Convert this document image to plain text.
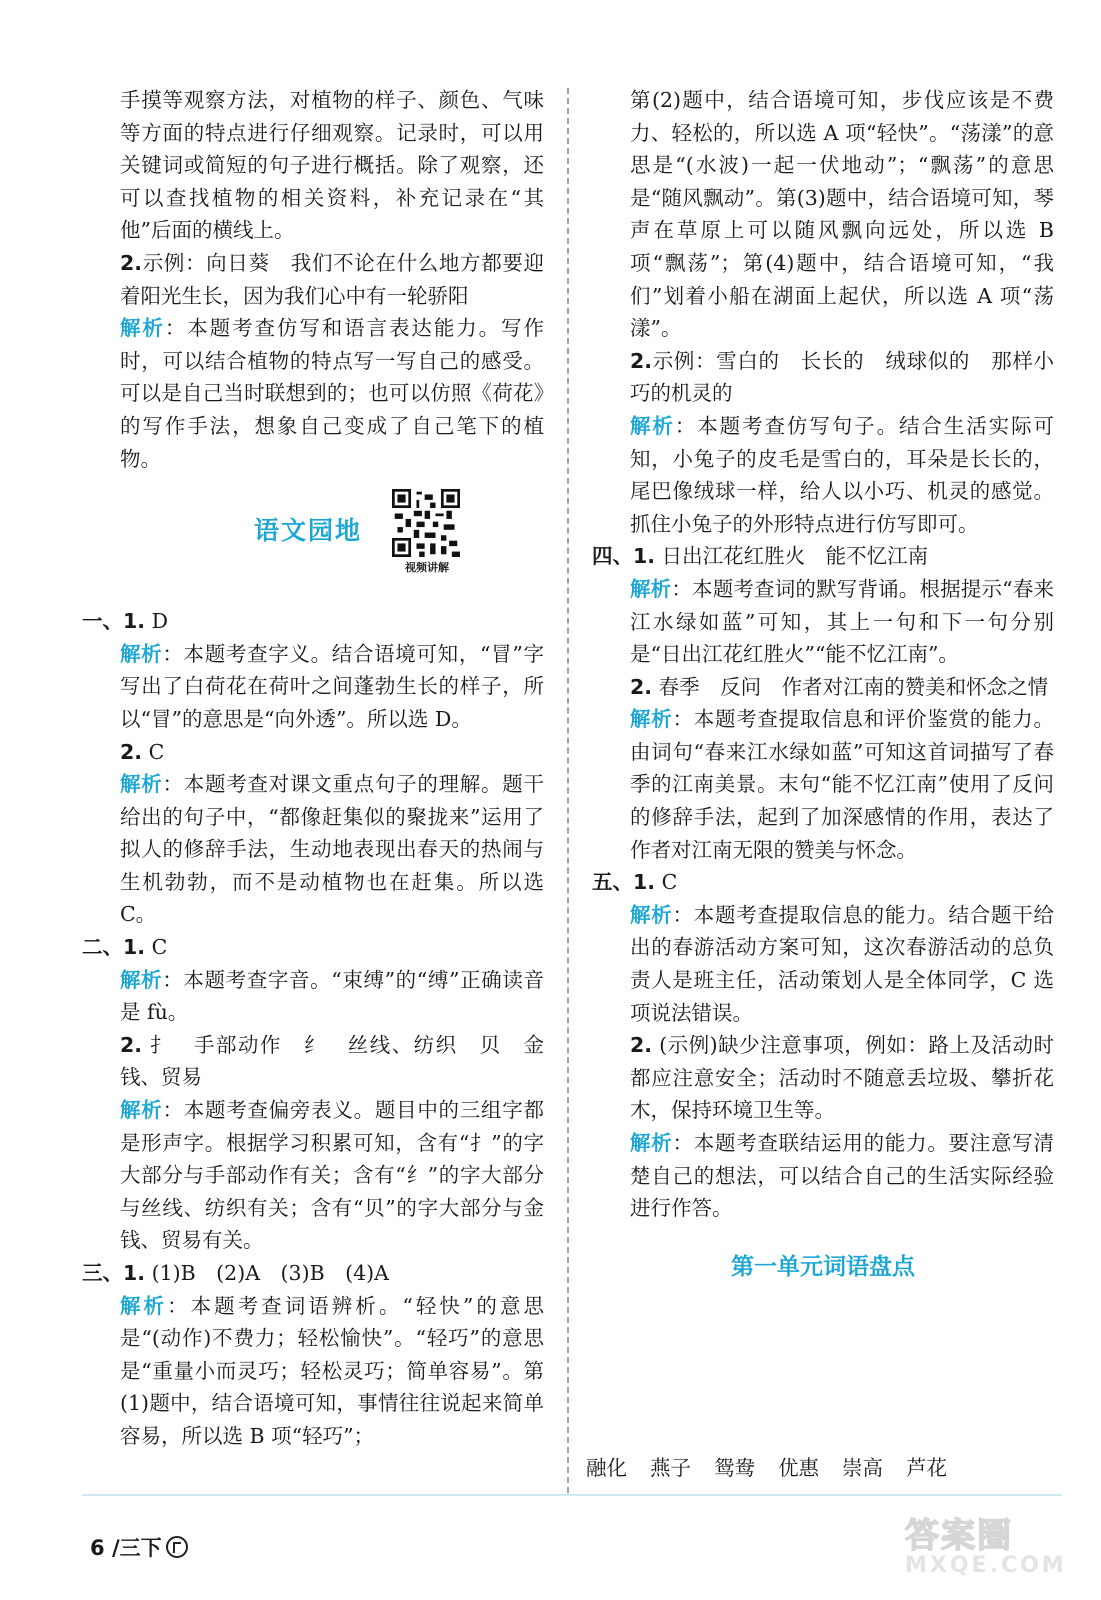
手摸等观察方法，对植物的样子、颜色、气味等方面的特点进行仔细观察。记录时，可以用关键词或简短的句子进行概括。除了观察，还可以查找植物的相关资料，补充记录在“其他”后面的横线上。

2.示例：向日葵　我们不论在什么地方都要迎着阳光生长，因为我们心中有一轮骄阳

解析：本题考查仿写和语言表达能力。写作时，可以结合植物的特点写一写自己的感受。可以是自己当时联想到的；也可以仿照《荷花》的写作手法，想象自己变成了自己笔下的植物。

语文园地
视频讲解

一、1. D

解析：本题考查字义。结合语境可知，“冒”字写出了白荷花在荷叶之间蓬勃生长的样子，所以“冒”的意思是“向外透”。所以选 D。

2. C

解析：本题考查对课文重点句子的理解。题干给出的句子中，“都像赶集似的聚拢来”运用了拟人的修辞手法，生动地表现出春天的热闹与生机勃勃，而不是动植物也在赶集。所以选 C。

二、1. C

解析：本题考查字音。“束缚”的“缚”正确读音是 fù。

2. 扌　手部动作　纟　丝线、纺织　贝　金钱、贸易

解析：本题考查偏旁表义。题目中的三组字都是形声字。根据学习积累可知，含有“扌”的字大部分与手部动作有关；含有“纟”的字大部分与丝线、纺织有关；含有“贝”的字大部分与金钱、贸易有关。

三、1. (1)B　(2)A　(3)B　(4)A

解析：本题考查词语辨析。“轻快”的意思是“(动作)不费力；轻松愉快”。“轻巧”的意思是“重量小而灵巧；轻松灵巧；简单容易”。第(1)题中，结合语境可知，事情往往说起来简单容易，所以选 B 项“轻巧”；

第(2)题中，结合语境可知，步伐应该是不费力、轻松的，所以选 A 项“轻快”。“荡漾”的意思是“(水波)一起一伏地动”；“飘荡”的意思是“随风飘动”。第(3)题中，结合语境可知，琴声在草原上可以随风飘向远处，所以选 B 项“飘荡”；第(4)题中，结合语境可知，“我们”划着小船在湖面上起伏，所以选 A 项“荡漾”。

2.示例：雪白的　长长的　绒球似的　那样小巧的机灵的

解析：本题考查仿写句子。结合生活实际可知，小兔子的皮毛是雪白的，耳朵是长长的，尾巴像绒球一样，给人以小巧、机灵的感觉。抓住小兔子的外形特点进行仿写即可。

四、1. 日出江花红胜火　能不忆江南

解析：本题考查词的默写背诵。根据提示“春来江水绿如蓝”可知，其上一句和下一句分别是“日出江花红胜火”“能不忆江南”。

2. 春季　反问　作者对江南的赞美和怀念之情

解析：本题考查提取信息和评价鉴赏的能力。由词句“春来江水绿如蓝”可知这首词描写了春季的江南美景。末句“能不忆江南”使用了反问的修辞手法，起到了加深感情的作用，表达了作者对江南无限的赞美与怀念。

五、1. C

解析：本题考查提取信息的能力。结合题干给出的春游活动方案可知，这次春游活动的总负责人是班主任，活动策划人是全体同学，C 选项说法错误。

2. (示例)缺少注意事项，例如：路上及活动时都应注意安全；活动时不随意丢垃圾、攀折花木，保持环境卫生等。

解析：本题考查联结运用的能力。要注意写清楚自己的想法，可以结合自己的生活实际经验进行作答。

第一单元词语盘点
融化 燕子 鸳鸯 优惠 崇高 芦花
6 /三下	答案圈
MXQE.COM
